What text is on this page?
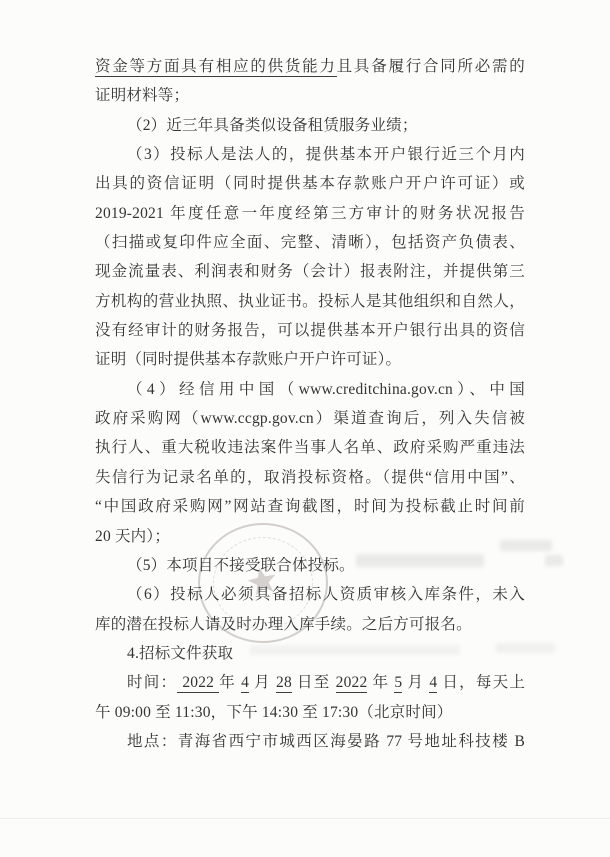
资金等方面具有相应的供货能力且具备履行合同所必需的
证明材料等；
（2）近三年具备类似设备租赁服务业绩；
（3）投标人是法人的，提供基本开户银行近三个月内
出具的资信证明（同时提供基本存款账户开户许可证）或
2019-2021 年度任意一年度经第三方审计的财务状况报告
（扫描或复印件应全面、完整、清晰），包括资产负债表、
现金流量表、利润表和财务（会计）报表附注，并提供第三
方机构的营业执照、执业证书。投标人是其他组织和自然人，
没有经审计的财务报告，可以提供基本开户银行出具的资信
证明（同时提供基本存款账户开户许可证）。
（4）经信用中国（www.creditchina.gov.cn）、中国
政府采购网（www.ccgp.gov.cn）渠道查询后，列入失信被
执行人、重大税收违法案件当事人名单、政府采购严重违法
失信行为记录名单的，取消投标资格。（提供“信用中国”、
“中国政府采购网”网站查询截图，时间为投标截止时间前
20 天内）；
（5）本项目不接受联合体投标。
（6）投标人必须具备招标人资质审核入库条件，未入
库的潜在投标人请及时办理入库手续。之后方可报名。
4.招标文件获取
时间： 2022 年 4 月 28 日至 2022 年 5 月 4 日，每天上
午 09:00 至 11:30，下午 14:30 至 17:30（北京时间）
地点：青海省西宁市城西区海晏路 77 号地址科技楼 B
